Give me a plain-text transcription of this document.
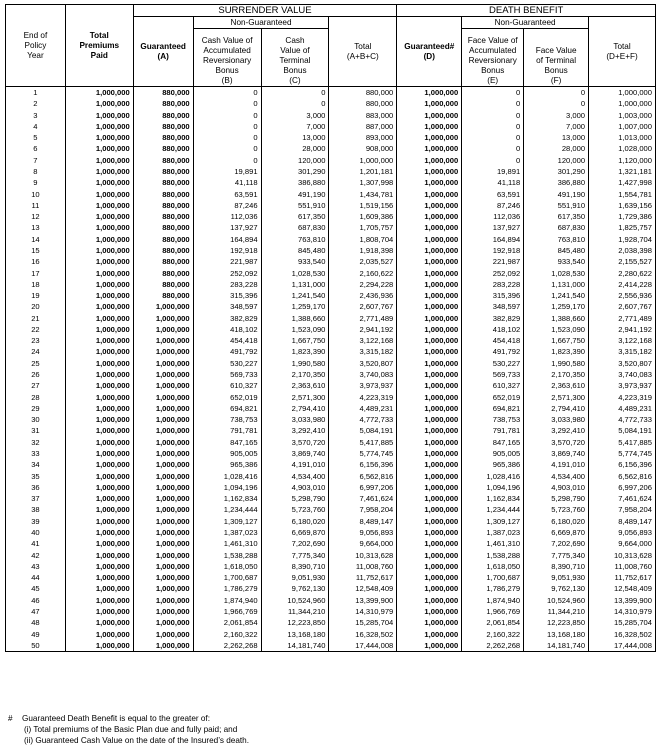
End of
Policy
Year	Total
Premiums
Paid	SURRENDER VALUE				DEATH BENEFIT			
		Guaranteed
(A)	Non-Guaranteed		Total
(A+B+C)	Guaranteed#
(D)	Non-Guaranteed		Total
(D+E+F)
			Cash Value of
Accumulated
Reversionary
Bonus
(B)	Cash
Value of
Terminal
Bonus
(C)			Face Value of
Accumulated
Reversionary
Bonus
(E)	Face Value
of Terminal
Bonus
(F)	
1	1,000,000	880,000	0	0	880,000	1,000,000	0	0	1,000,000
2	1,000,000	880,000	0	0	880,000	1,000,000	0	0	1,000,000
3	1,000,000	880,000	0	3,000	883,000	1,000,000	0	3,000	1,003,000
4	1,000,000	880,000	0	7,000	887,000	1,000,000	0	7,000	1,007,000
5	1,000,000	880,000	0	13,000	893,000	1,000,000	0	13,000	1,013,000
6	1,000,000	880,000	0	28,000	908,000	1,000,000	0	28,000	1,028,000
7	1,000,000	880,000	0	120,000	1,000,000	1,000,000	0	120,000	1,120,000
8	1,000,000	880,000	19,891	301,290	1,201,181	1,000,000	19,891	301,290	1,321,181
9	1,000,000	880,000	41,118	386,880	1,307,998	1,000,000	41,118	386,880	1,427,998
10	1,000,000	880,000	63,591	491,190	1,434,781	1,000,000	63,591	491,190	1,554,781
11	1,000,000	880,000	87,246	551,910	1,519,156	1,000,000	87,246	551,910	1,639,156
12	1,000,000	880,000	112,036	617,350	1,609,386	1,000,000	112,036	617,350	1,729,386
13	1,000,000	880,000	137,927	687,830	1,705,757	1,000,000	137,927	687,830	1,825,757
14	1,000,000	880,000	164,894	763,810	1,808,704	1,000,000	164,894	763,810	1,928,704
15	1,000,000	880,000	192,918	845,480	1,918,398	1,000,000	192,918	845,480	2,038,398
16	1,000,000	880,000	221,987	933,540	2,035,527	1,000,000	221,987	933,540	2,155,527
17	1,000,000	880,000	252,092	1,028,530	2,160,622	1,000,000	252,092	1,028,530	2,280,622
18	1,000,000	880,000	283,228	1,131,000	2,294,228	1,000,000	283,228	1,131,000	2,414,228
19	1,000,000	880,000	315,396	1,241,540	2,436,936	1,000,000	315,396	1,241,540	2,556,936
20	1,000,000	1,000,000	348,597	1,259,170	2,607,767	1,000,000	348,597	1,259,170	2,607,767
21	1,000,000	1,000,000	382,829	1,388,660	2,771,489	1,000,000	382,829	1,388,660	2,771,489
22	1,000,000	1,000,000	418,102	1,523,090	2,941,192	1,000,000	418,102	1,523,090	2,941,192
23	1,000,000	1,000,000	454,418	1,667,750	3,122,168	1,000,000	454,418	1,667,750	3,122,168
24	1,000,000	1,000,000	491,792	1,823,390	3,315,182	1,000,000	491,792	1,823,390	3,315,182
25	1,000,000	1,000,000	530,227	1,990,580	3,520,807	1,000,000	530,227	1,990,580	3,520,807
26	1,000,000	1,000,000	569,733	2,170,350	3,740,083	1,000,000	569,733	2,170,350	3,740,083
27	1,000,000	1,000,000	610,327	2,363,610	3,973,937	1,000,000	610,327	2,363,610	3,973,937
28	1,000,000	1,000,000	652,019	2,571,300	4,223,319	1,000,000	652,019	2,571,300	4,223,319
29	1,000,000	1,000,000	694,821	2,794,410	4,489,231	1,000,000	694,821	2,794,410	4,489,231
30	1,000,000	1,000,000	738,753	3,033,980	4,772,733	1,000,000	738,753	3,033,980	4,772,733
31	1,000,000	1,000,000	791,781	3,292,410	5,084,191	1,000,000	791,781	3,292,410	5,084,191
32	1,000,000	1,000,000	847,165	3,570,720	5,417,885	1,000,000	847,165	3,570,720	5,417,885
33	1,000,000	1,000,000	905,005	3,869,740	5,774,745	1,000,000	905,005	3,869,740	5,774,745
34	1,000,000	1,000,000	965,386	4,191,010	6,156,396	1,000,000	965,386	4,191,010	6,156,396
35	1,000,000	1,000,000	1,028,416	4,534,400	6,562,816	1,000,000	1,028,416	4,534,400	6,562,816
36	1,000,000	1,000,000	1,094,196	4,903,010	6,997,206	1,000,000	1,094,196	4,903,010	6,997,206
37	1,000,000	1,000,000	1,162,834	5,298,790	7,461,624	1,000,000	1,162,834	5,298,790	7,461,624
38	1,000,000	1,000,000	1,234,444	5,723,760	7,958,204	1,000,000	1,234,444	5,723,760	7,958,204
39	1,000,000	1,000,000	1,309,127	6,180,020	8,489,147	1,000,000	1,309,127	6,180,020	8,489,147
40	1,000,000	1,000,000	1,387,023	6,669,870	9,056,893	1,000,000	1,387,023	6,669,870	9,056,893
41	1,000,000	1,000,000	1,461,310	7,202,690	9,664,000	1,000,000	1,461,310	7,202,690	9,664,000
42	1,000,000	1,000,000	1,538,288	7,775,340	10,313,628	1,000,000	1,538,288	7,775,340	10,313,628
43	1,000,000	1,000,000	1,618,050	8,390,710	11,008,760	1,000,000	1,618,050	8,390,710	11,008,760
44	1,000,000	1,000,000	1,700,687	9,051,930	11,752,617	1,000,000	1,700,687	9,051,930	11,752,617
45	1,000,000	1,000,000	1,786,279	9,762,130	12,548,409	1,000,000	1,786,279	9,762,130	12,548,409
46	1,000,000	1,000,000	1,874,940	10,524,960	13,399,900	1,000,000	1,874,940	10,524,960	13,399,900
47	1,000,000	1,000,000	1,966,769	11,344,210	14,310,979	1,000,000	1,966,769	11,344,210	14,310,979
48	1,000,000	1,000,000	2,061,854	12,223,850	15,285,704	1,000,000	2,061,854	12,223,850	15,285,704
49	1,000,000	1,000,000	2,160,322	13,168,180	16,328,502	1,000,000	2,160,322	13,168,180	16,328,502
50	1,000,000	1,000,000	2,262,268	14,181,740	17,444,008	1,000,000	2,262,268	14,181,740	17,444,008
# Guaranteed Death Benefit is equal to the greater of:
(i) Total premiums of the Basic Plan due and fully paid; and
(ii) Guaranteed Cash Value on the date of the Insured’s death.
